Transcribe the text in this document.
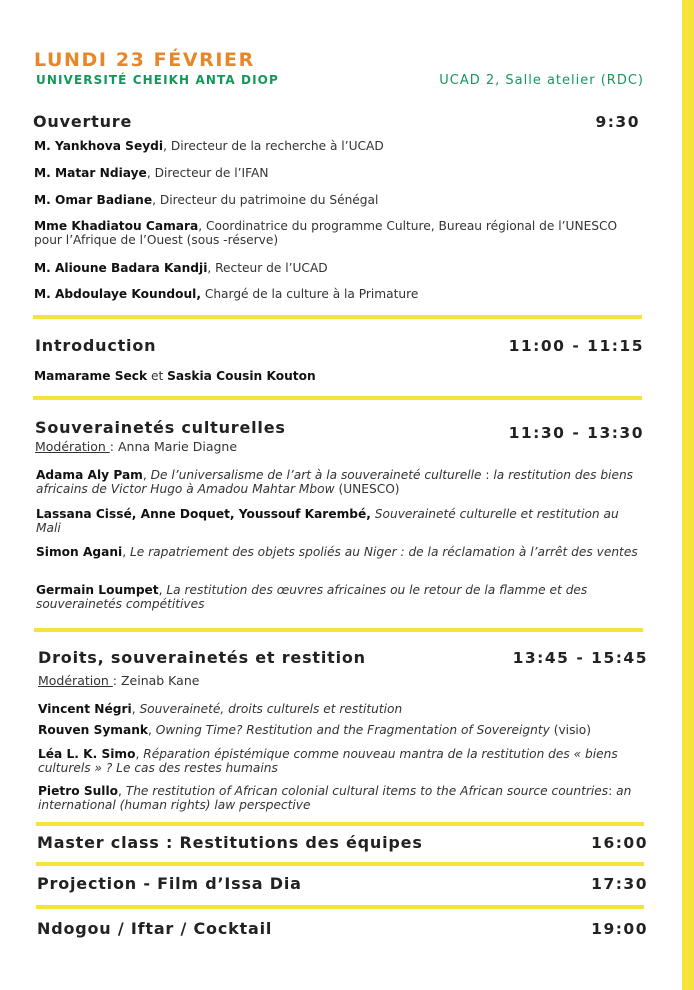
LUNDI 23 FÉVRIER
UNIVERSITÉ CHEIKH ANTA DIOP	UCAD 2, Salle atelier (RDC)
Ouverture	9:30
M. Yankhova Seydi, Directeur de la recherche à l’UCAD
M. Matar Ndiaye, Directeur de l’IFAN
M. Omar Badiane, Directeur du patrimoine du Sénégal
Mme Khadiatou Camara, Coordinatrice du programme Culture, Bureau régional de l’UNESCO pour l’Afrique de l’Ouest (sous -réserve)
M. Alioune Badara Kandji, Recteur de l’UCAD
M. Abdoulaye Koundoul, Chargé de la culture à la Primature
Introduction	11:00 - 11:15
Mamarame Seck et Saskia Cousin Kouton
Souverainetés culturelles	11:30 - 13:30
Modération : Anna Marie Diagne
Adama Aly Pam, De l’universalisme de l’art à la souveraineté culturelle : la restitution des biens africains de Victor Hugo à Amadou Mahtar Mbow (UNESCO)
Lassana Cissé, Anne Doquet, Youssouf Karembé, Souveraineté culturelle et restitution au Mali
Simon Agani, Le rapatriement des objets spoliés au Niger : de la réclamation à l’arrêt des ventes
Germain Loumpet, La restitution des œuvres africaines ou le retour de la flamme et des souverainetés compétitives
Droits, souverainetés et restition	13:45 - 15:45
Modération : Zeinab Kane
Vincent Négri, Souveraineté, droits culturels et restitution
Rouven Symank, Owning Time? Restitution and the Fragmentation of Sovereignty (visio)
Léa L. K. Simo, Réparation épistémique comme nouveau mantra de la restitution des « biens culturels » ? Le cas des restes humains
Pietro Sullo, The restitution of African colonial cultural items to the African source countries: an international (human rights) law perspective
Master class : Restitutions des équipes	16:00
Projection - Film d’Issa Dia	17:30
Ndogou / Iftar / Cocktail	19:00
